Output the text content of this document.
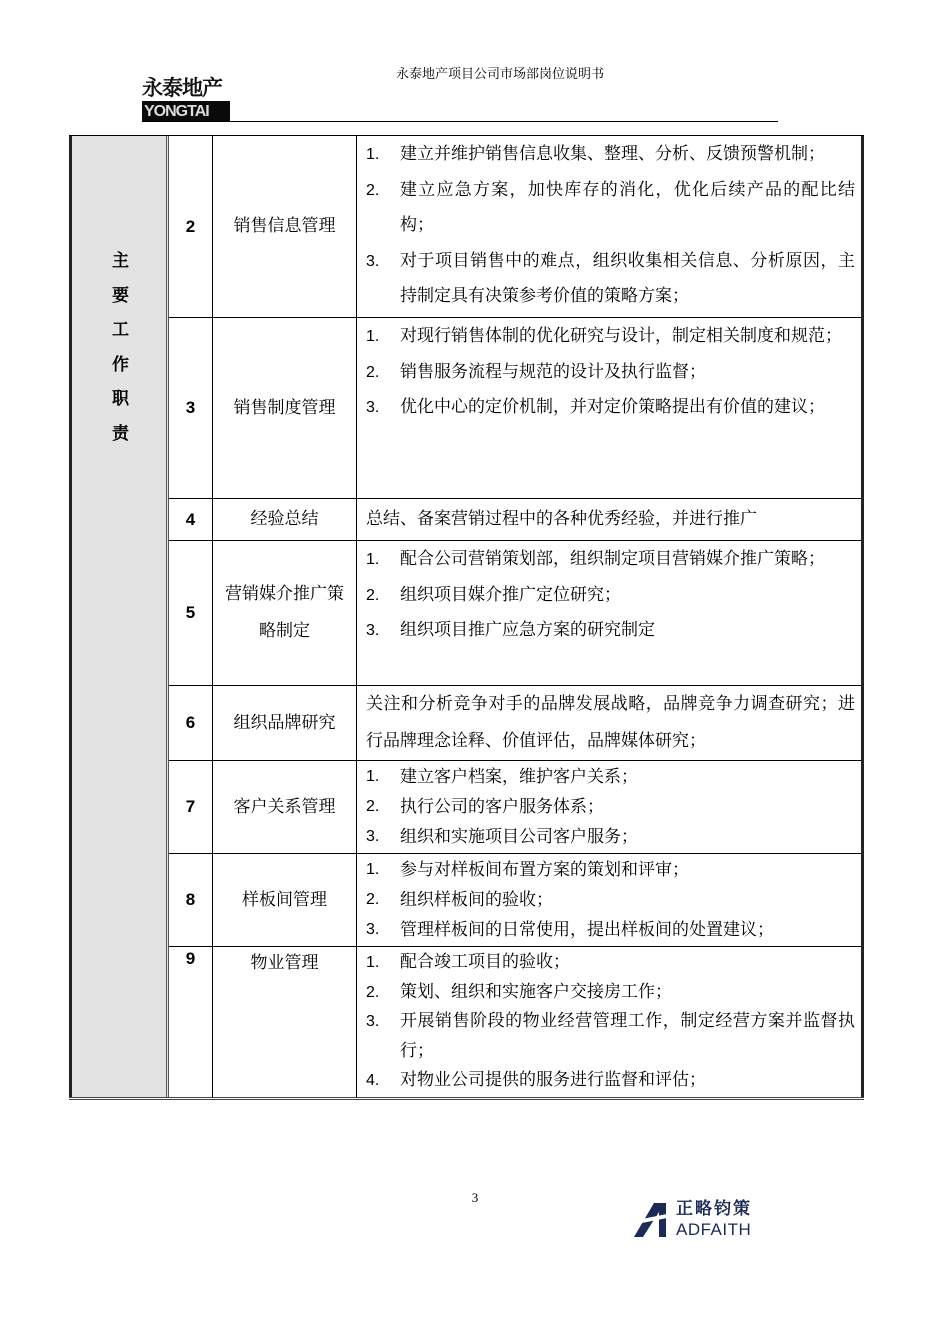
永泰地产
YONGTAI
永泰地产项目公司市场部岗位说明书
主
要
工
作
职
责
2	销售信息管理
1. 建立并维护销售信息收集、整理、分析、反馈预警机制；
2. 建立应急方案，加快库存的消化，优化后续产品的配比结构；
3. 对于项目销售中的难点，组织收集相关信息、分析原因，主持制定具有决策参考价值的策略方案；
3	销售制度管理
1. 对现行销售体制的优化研究与设计，制定相关制度和规范；
2. 销售服务流程与规范的设计及执行监督；
3. 优化中心的定价机制，并对定价策略提出有价值的建议；
4	经验总结	总结、备案营销过程中的各种优秀经验，并进行推广
5
营销媒介推广策略制定
1. 配合公司营销策划部，组织制定项目营销媒介推广策略；
2. 组织项目媒介推广定位研究；
3. 组织项目推广应急方案的研究制定
6	组织品牌研究
关注和分析竞争对手的品牌发展战略，品牌竞争力调查研究；进行品牌理念诠释、价值评估，品牌媒体研究；
7	客户关系管理
1. 建立客户档案，维护客户关系；
2. 执行公司的客户服务体系；
3. 组织和实施项目公司客户服务；
8	样板间管理
1. 参与对样板间布置方案的策划和评审；
2. 组织样板间的验收；
3. 管理样板间的日常使用，提出样板间的处置建议；
9	物业管理	1. 配合竣工项目的验收；
2. 策划、组织和实施客户交接房工作；
3. 开展销售阶段的物业经营管理工作，制定经营方案并监督执行；
4. 对物业公司提供的服务进行监督和评估；
3
正略钧策
ADFAITH
